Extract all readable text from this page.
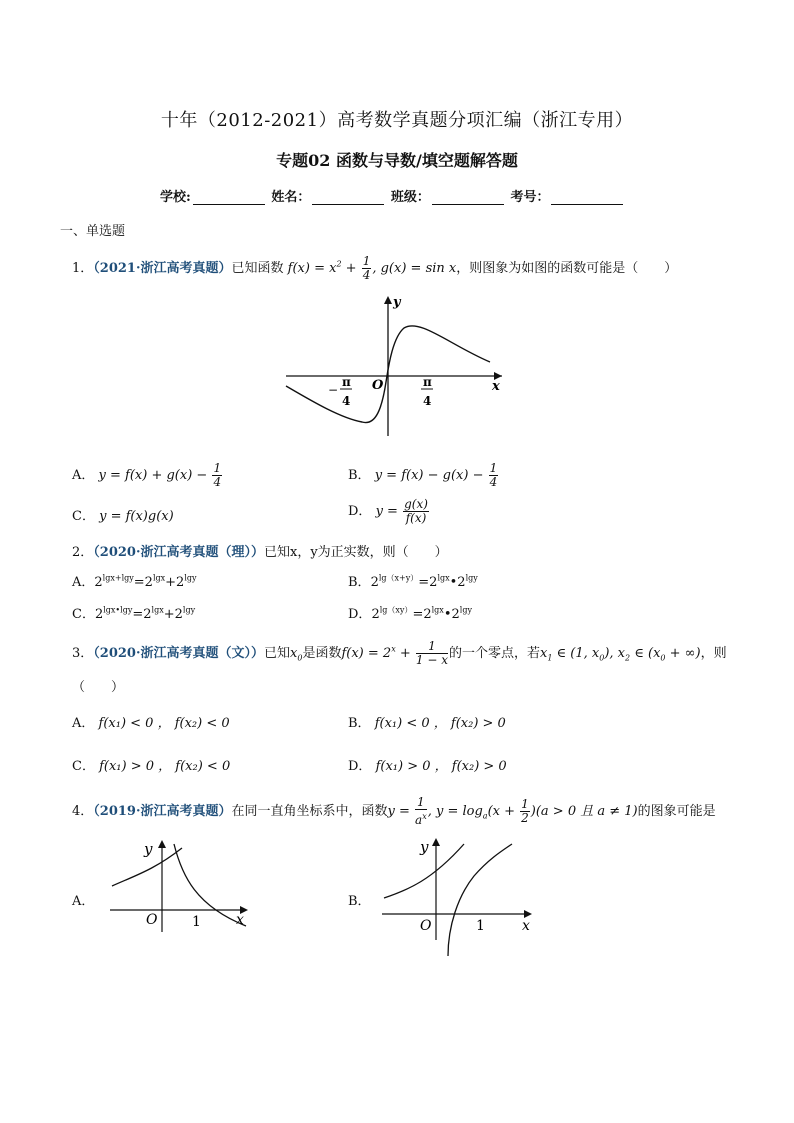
十年（2012-2021）高考数学真题分项汇编（浙江专用）
专题02 函数与导数/填空题解答题
学校:	姓名：	班级：	考号：
一、单选题
1．（2021·浙江高考真题）已知函数 $f(x) = x^2 + \frac{1}{4}$ , g(x) = sin x，则图象为如图的函数可能是（　　）
y
x
O
−
π
4
π
4
A． $y = f(x) + g(x) - \frac{1}{4}$	B． $y = f(x) - g(x) - \frac{1}{4}$
C． y = f(x)g(x)	D． $y = \frac{g(x)}{f(x)}$
2．（2020·浙江高考真题（理））已知x，y为正实数，则（　　）
A．$2^{lgx+lgy}=2^{lgx}+2^{lgy}$	B．$2^{lg(x+y)}=2^{lgx}•2^{lgy}$
C．$2^{lgx•lgy}=2^{lgx}+2^{lgy}$	D．$2^{lg(xy)}=2^{lgx}•2^{lgy}$
3．（2020·浙江高考真题（文））已知$x_0$是函数$f(x) = 2^x + \frac{1}{1 - x}$ 的一个零点，若$x_1$ ∈ (1, $x_0$), $x_2$ ∈ ($x_0$ + ∞)，则
（　　）
A． f(x₁) < 0 ， f(x₂) < 0	B． f(x₁) < 0 ， f(x₂) > 0
C． f(x₁) > 0 ， f(x₂) < 0	D． f(x₁) > 0 ， f(x₂) > 0
4．（2019·浙江高考真题）在同一直角坐标系中，函数$y = \frac{1}{a^x}$ , $y = \log_a(x + \frac{1}{2} )(a > 0$ 且 a ≠ 1)的图象可能是
A．
y
x
O 1
B．
y
x
O	1
